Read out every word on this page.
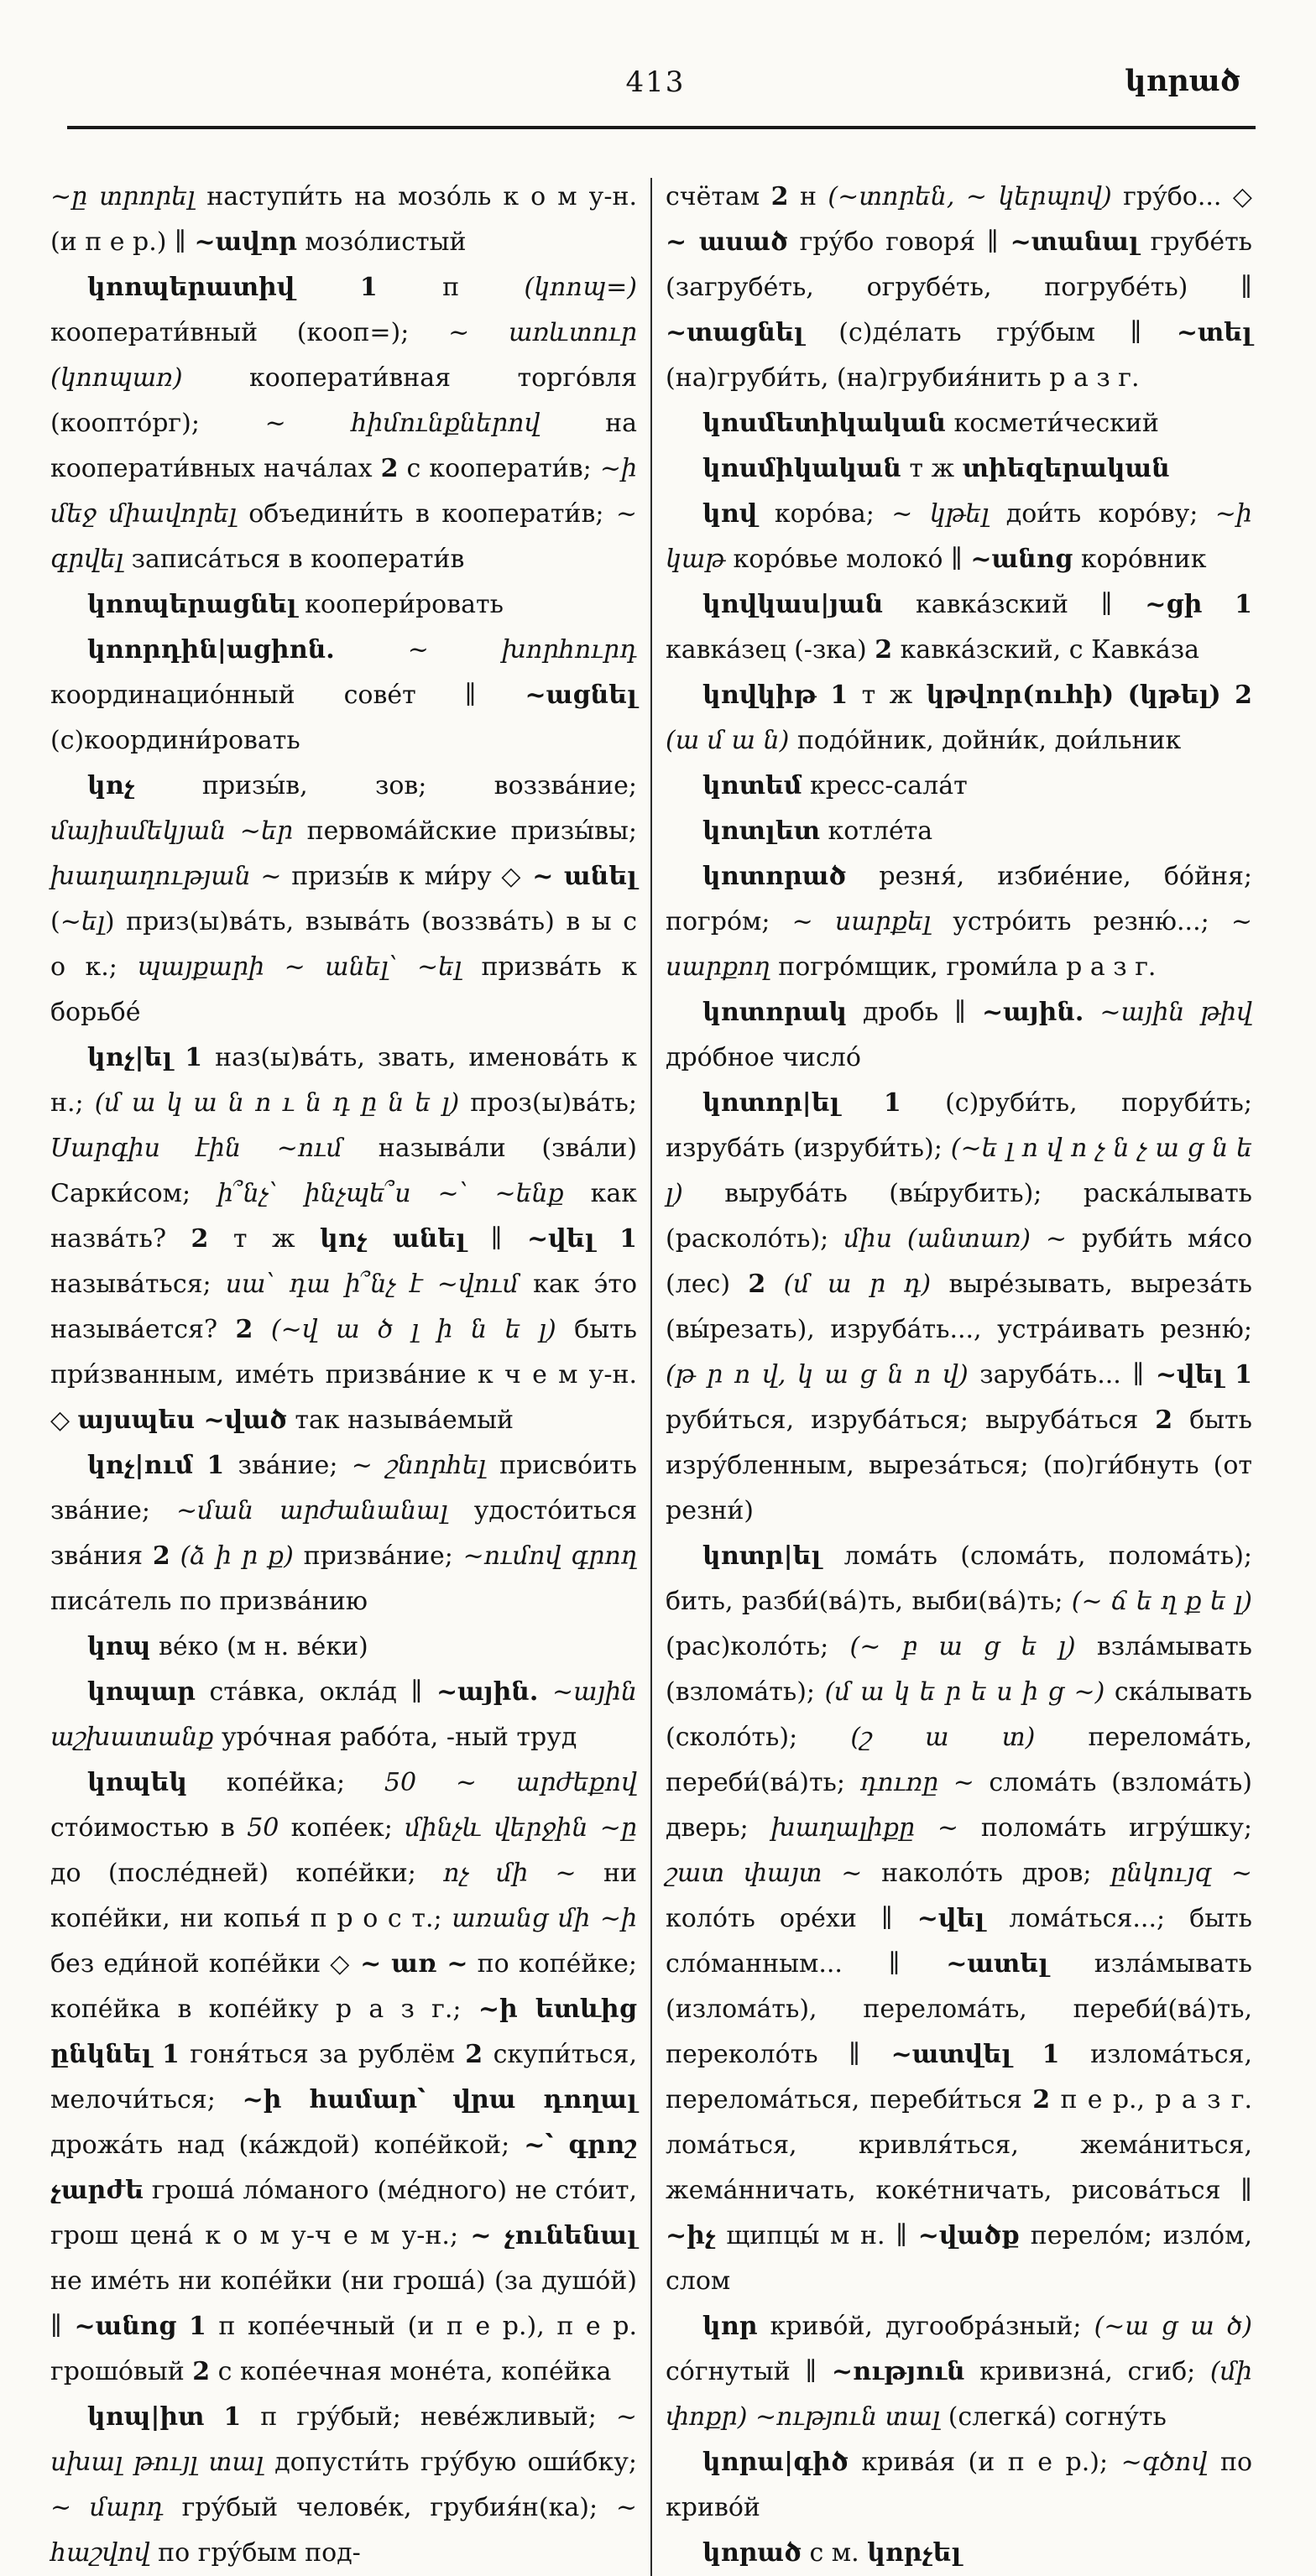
413	կորած

~ը տրորել наступи́ть на мозо́ль к о м у-н. (и п е р.) ∥ ~ավոր мозо́листый

կոոպերատիվ	1 п (կոոպ=) кооперати́вный (кооп=); ~ առևտուր (կոոպառ) кооперати́вная торго́вля (коопто́рг); ~ հիմունքներով на кооперати́вных нача́лах 2 с кооперати́в; ~ի մեջ միավորել объедини́ть в кооперати́в; ~ գրվել записа́ться в кооперати́в

կոոպերացնել коопери́ровать

կոորդին|ացիոն.	~ խորհուրդ координацио́нный сове́т ∥ ~ացնել (с)координи́ровать

կոչ призы́в, зов; воззва́ние; մայիսմեկյան ~եր первома́йские призы́вы; խաղաղության ~ призы́в к ми́ру ◇ ~ անել (~ել) приз(ы)ва́ть, взыва́ть (воззва́ть) в ы с о к.; պայքարի ~ անել՝ ~ել призва́ть к борьбе́

կոչ|ել 1 наз(ы)ва́ть, звать, именова́ть к н.; (մ ա կ ա ն ո ւ ն դ ը ն ե լ) проз(ы)ва́ть; Սարգիս էին ~ում называ́ли (зва́ли) Сарки́сом; ի՞նչ՝ ինչպե՞ս ~՝ ~ենք как назва́ть? 2 т ж կոչ անել ∥ ~վել 1 называ́ться; սա՝ դա ի՞նչ է ~վում как э́то называ́ется? 2 (~վ ա ծ լ ի ն ե լ) быть при́званным, име́ть призва́ние к ч е м у-н. ◇ այսպես ~ված так называ́емый

կոչ|ում 1 зва́ние; ~ շնորհել присво́ить зва́ние; ~ման արժանանալ удосто́иться зва́ния 2 (ձ ի ր ք) призва́ние; ~ումով գրող писа́тель по призва́нию

կոպ ве́ко (м н. ве́ки)

կոպար ста́вка, окла́д ∥ ~ային. ~ային աշխատանք уро́чная рабо́та, -ный труд

կոպեկ копе́йка; 50 ~ արժեքով сто́имостью в 50 копе́ек; մինչև վերջին ~ը до (после́дней) копе́йки; ոչ մի ~ ни копе́йки, ни копья́ п р о с т.; առանց մի ~ի без еди́ной копе́йки ◇ ~ առ ~ по копе́йке; копе́йка в копе́йку р а з г.; ~ի ետևից ընկնել 1 гоня́ться за рублём 2 скупи́ться, мелочи́ться; ~ի համար՝ վրա դողալ дрожа́ть над (ка́ждой) копе́йкой; ~՝ գրոշ չարժե гроша́ ло́маного (ме́дного) не сто́ит, грош цена́ к о м у-ч е м у-н.; ~ չունենալ не име́ть ни копе́йки (ни гроша́) (за душо́й) ∥ ~անոց 1 п копе́ечный (и п е р.), п е р. грошо́вый 2 с копе́ечная моне́та, копе́йка

կոպ|իտ 1 п гру́бый; неве́жливый; ~ սխալ թույլ տալ допусти́ть гру́бую оши́бку; ~ մարդ гру́бый челове́к, грубия́н(ка); ~ հաշվով по гру́бым под-

счётам 2 н (~տորեն, ~ կերպով) гру́бо... ◇ ~ ասած гру́бо говоря́ ∥ ~տանալ грубе́ть (загрубе́ть, огрубе́ть, погрубе́ть) ∥ ~տացնել (с)де́лать гру́бым ∥ ~տել (на)груби́ть, (на)грубия́нить р а з г.

կոսմետիկական космети́ческий

կոսմիկական т ж տիեզերական

կով коро́ва; ~ կթել дои́ть коро́ву; ~ի կաթ коро́вье молоко́ ∥ ~անոց коро́вник

կովկաս|յան кавка́зский ∥ ~ցի 1 кавка́зец (-зка) 2 кавка́зский, с Кавка́за

կովկիթ 1 т ж կթվոր(ուհի) (կթել) 2 (ա մ ա ն) подо́йник, дойни́к, дои́льник

կոտեմ кресс-сала́т

կոտլետ котле́та

կոտորած резня́, избие́ние, бо́йня; погро́м; ~ սարքել устро́ить резню́...; ~ սարքող погро́мщик, громи́ла р а з г.

կոտորակ дробь ∥ ~ային. ~ային թիվ дро́бное число́

կոտոր|ել 1 (с)руби́ть, поруби́ть; изруба́ть (изруби́ть); (~ե լ ո վ ո չ ն չ ա ց ն ե լ) выруба́ть (вы́рубить); раска́лывать (расколо́ть); միս (անտառ) ~ руби́ть мя́со (лес) 2 (մ ա ր դ) выре́зывать, выреза́ть (вы́резать), изруба́ть..., устра́ивать резню́; (թ ր ո վ, կ ա ց ն ո վ) заруба́ть... ∥ ~վել 1 руби́ться, изруба́ться; выруба́ться 2 быть изру́бленным, выреза́ться; (по)ги́бнуть (от резни́)

կոտր|ել лома́ть (слома́ть, полома́ть); бить, разби́(ва́)ть, выби(ва́)ть; (~ ճ ե ղ ք ե լ) (рас)коло́ть; (~ բ ա ց ե լ) взла́мывать (взлома́ть); (մ ա կ ե ր ե ս ի ց ~) ска́лывать (сколо́ть); (շ ա տ) перелома́ть, переби́(ва́)ть; դուռը ~ слома́ть (взлома́ть) дверь; խաղալիքը ~ полома́ть игру́шку; շատ փայտ ~ наколо́ть дров; ընկույզ ~ коло́ть оре́хи ∥ ~վել лома́ться...; быть сло́манным... ∥ ~ատել изла́мывать (излома́ть), перелома́ть, переби́(ва́)ть, переколо́ть ∥ ~ատվել 1 излома́ться, перелома́ться, переби́ться 2 п е р., р а з г. лома́ться, кривля́ться, жема́ниться, жема́нничать, коке́тничать, рисова́ться ∥ ~իչ щипцы́ м н. ∥ ~վածք перело́м; изло́м, слом

կոր криво́й, дугообра́зный; (~ա ց ա ծ) со́гнутый ∥ ~ություն кривизна́, сгиб; (մի փոքր) ~ություն տալ (слегка́) согну́ть

կորա|գիծ крива́я (и п е р.); ~գծով по криво́й

կորած с м. կորչել
